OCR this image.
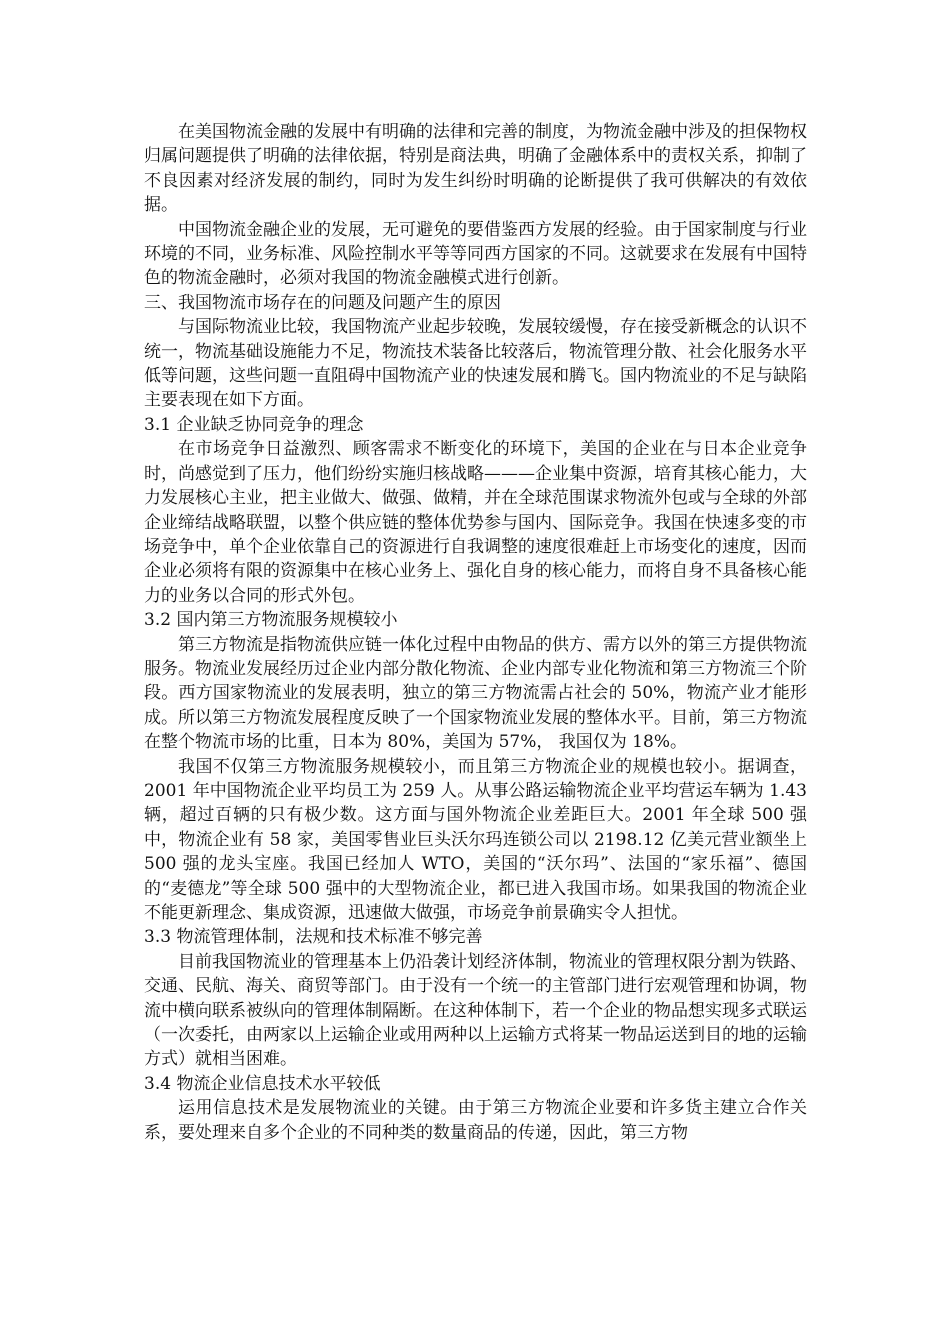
在美国物流金融的发展中有明确的法律和完善的制度，为物流金融中涉及的担保物权归属问题提供了明确的法律依据，特别是商法典，明确了金融体系中的责权关系，抑制了不良因素对经济发展的制约，同时为发生纠纷时明确的论断提供了我可供解决的有效依据。

中国物流金融企业的发展，无可避免的要借鉴西方发展的经验。由于国家制度与行业环境的不同，业务标准、风险控制水平等等同西方国家的不同。这就要求在发展有中国特色的物流金融时，必须对我国的物流金融模式进行创新。

三、我国物流市场存在的问题及问题产生的原因

与国际物流业比较，我国物流产业起步较晚，发展较缓慢，存在接受新概念的认识不统一，物流基础设施能力不足，物流技术装备比较落后，物流管理分散、社会化服务水平低等问题，这些问题一直阻碍中国物流产业的快速发展和腾飞。国内物流业的不足与缺陷主要表现在如下方面。

3.1 企业缺乏协同竞争的理念

在市场竞争日益激烈、顾客需求不断变化的环境下，美国的企业在与日本企业竞争时，尚感觉到了压力，他们纷纷实施归核战略———企业集中资源，培育其核心能力，大力发展核心主业，把主业做大、做强、做精，并在全球范围谋求物流外包或与全球的外部企业缔结战略联盟，以整个供应链的整体优势参与国内、国际竞争。我国在快速多变的市场竞争中，单个企业依靠自己的资源进行自我调整的速度很难赶上市场变化的速度，因而企业必须将有限的资源集中在核心业务上、强化自身的核心能力，而将自身不具备核心能力的业务以合同的形式外包。

3.2 国内第三方物流服务规模较小

第三方物流是指物流供应链一体化过程中由物品的供方、需方以外的第三方提供物流服务。物流业发展经历过企业内部分散化物流、企业内部专业化物流和第三方物流三个阶段。西方国家物流业的发展表明，独立的第三方物流需占社会的 50%，物流产业才能形成。所以第三方物流发展程度反映了一个国家物流业发展的整体水平。目前，第三方物流在整个物流市场的比重，日本为 80%，美国为 57%， 我国仅为 18%。

我国不仅第三方物流服务规模较小，而且第三方物流企业的规模也较小。据调查，2001 年中国物流企业平均员工为 259 人。从事公路运输物流企业平均营运车辆为 1.43 辆，超过百辆的只有极少数。这方面与国外物流企业差距巨大。2001 年全球 500 强中，物流企业有 58 家，美国零售业巨头沃尔玛连锁公司以 2198.12 亿美元营业额坐上 500 强的龙头宝座。我国已经加人 WTO，美国的“沃尔玛”、法国的“家乐福”、德国的“麦德龙”等全球 500 强中的大型物流企业，都已进入我国市场。如果我国的物流企业不能更新理念、集成资源，迅速做大做强，市场竞争前景确实令人担忧。

3.3 物流管理体制，法规和技术标准不够完善

目前我国物流业的管理基本上仍沿袭计划经济体制，物流业的管理权限分割为铁路、交通、民航、海关、商贸等部门。由于没有一个统一的主管部门进行宏观管理和协调，物流中横向联系被纵向的管理体制隔断。在这种体制下，若一个企业的物品想实现多式联运（一次委托，由两家以上运输企业或用两种以上运输方式将某一物品运送到目的地的运输方式）就相当困难。

3.4 物流企业信息技术水平较低

运用信息技术是发展物流业的关键。由于第三方物流企业要和许多货主建立合作关系，要处理来自多个企业的不同种类的数量商品的传递，因此，第三方物
